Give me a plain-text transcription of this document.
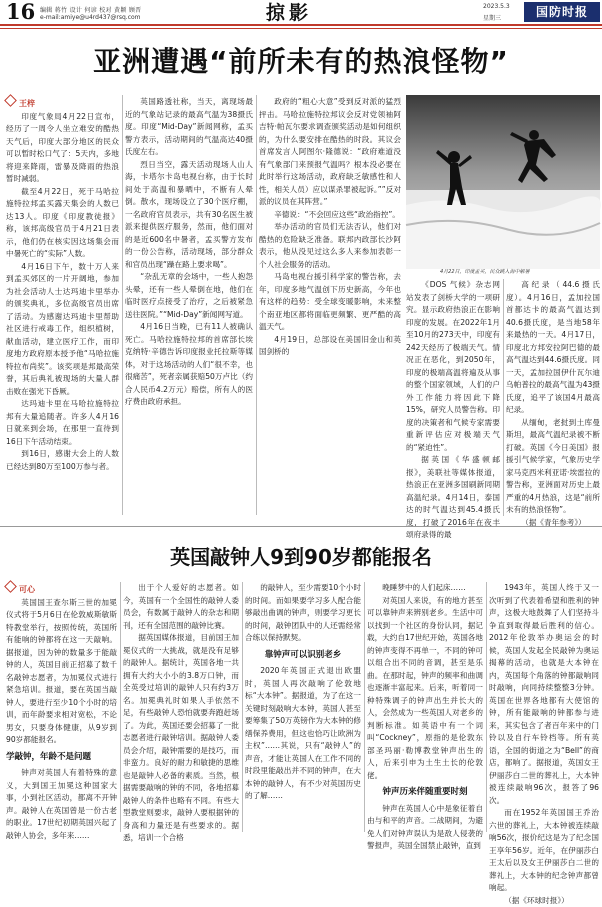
16 编辑 蒋竹 设计 何谚 校对 黄颖 顾晋
e-mail:amiye@u4rd437@rsq.com	掠影	2023.5.3
星期三	国防时报
亚洲遭遇“前所未有的热浪怪物”
王梓

印度气象局4月22日宣布，经历了一周令人坐立难安的酷热天气后，印度大部分地区的民众可以暂时松口气了：5天内，多地将迎来降雨，雷暴及降雨的热浪暂时减弱。

截至4月22日，死于马哈拉施特拉邦孟买露天集会的人数已达13人。印度《印度教徒报》称，该邦高级官员于4月21日表示，他们仍在核实因这场集会而中暑死亡的“实际”人数。

4月16日下午，数十万人来到孟买郊区的一片开阔地，参加为社会活动人士达玛迪卡里举办的颁奖典礼，多位高级官员出席了活动。为感谢达玛迪卡里帮助社区进行戒毒工作，组织植树，献血活动，建立医疗工作，而印度地方政府原本授予他“马哈拉施特拉布尚奖”。该奖项是邦最高荣誉，其后典礼被现场的大量人群击败在强光下昏厥。

达玛迪卡里在马哈拉施特拉邦有大量追随者。许多人4月16日就来到会场，在那里一直待到16日下午活动结束。

到16日，感谢大会上的人数已经达到80万至100万参与者。

英国路透社称，当天，离现场最近的气象站记录的最高气温为38摄氏度。印度“Mid-Day”新闻网称，孟买警方表示，活动期间的气温高达40摄氏度左右。

烈日当空，露天活动现场人山人海，卡塔尔卡岛电视台称，由于长时间处于高温和暴晒中，不断有人晕倒。散水，现场设立了30个医疗棚，一名政府官员表示，共有30名医生被派来提供医疗服务，然而，他们面对的是近600名中暑者，孟买警方发布的一份公告称，活动现场，部分群众和官员出现“躁在路上要求喝”。

“杂乱无章的会场中，一些人抱怨头晕，还有一些人晕倒在地，他们在临时医疗点接受了治疗，之后被紧急送往医院。”“Mid-Day”新闻网写道。

4月16日当晚，已有11人被确认死亡。马哈拉施特拉邦的首席部长埃克纳特·辛德告诉印度报业托拉斯等媒体，对于这场活动的人们“很不幸，也很痛苦”，死者亲属获赔50万卢比（约合人民币4.2万元）赔偿，所有人的医疗费由政府承担。

政府的“粗心大意”受到反对派的猛烈抨击。马哈拉施特拉邦议会反对党领袖阿吉特·帕瓦尔要求调查颁奖活动是如何组织的，为什么要安排在酷热的时段。其议会首席发言人阿图尔·隆德说：“政府难道没有气象部门来预报气温吗？根本没必要在此时举行这场活动，政府缺乏敏感性和人性，相关人员）应以谋杀罪被起诉。””反对派的议员在其阵营。”

辛德说：“不会回应这些“政治指控”。

举办活动的官员们无法否认，他们对酷热的危险缺乏准备。联邦内政部长沙阿表示，他从没见过这么多人来参加表彰一个人社会服务的活动。

马岛电视台援引科学家的警告称，去年，印度多地气温创下历史新高，今年也有这样的趋势：受全球变暖影响，未来整个南亚地区都将面临更频繁、更严酷的高温天气。

4月19日，总部设在美国旧金山和英国剑桥的

4月22日，印度孟买，民众跳入海中解暑

《DOS 气候》杂志网站发表了剑桥大学的一项研究。显示政府热浪正在影响印度的发展。在2022年1月至10月的273天中，印度有242天经历了极端天气。情况正在恶化，到2050年，印度的极端高温将遍及从事的整个国家领域，人们的户外工作能力将因此下降15%，研究人员警告称。印度的决策者和气候专家需要重新评估应对极端天气的“紧迫性”。

据英国《华盛顿邮报》，美联社等媒体报道，热浪正在亚洲多国刷新同期高温纪录。4月14日，泰国达的时气温达到45.4摄氏度，打破了2016年在夜丰颂府录得的最

高纪录（44.6摄氏度）。4月16日，孟加拉国首都达卡的最高气温达到40.6摄氏度，是当地58年来最热的一天。4月17日，印度北方邦安拉阿巴德的最高气温达到44.6摄氏度。同一天，孟加拉国伊什瓦尔迪乌帕普拉的最高气温为43摄氏度，追平了该国4月最高纪录。

从缅甸，老挝到土库曼斯坦，最高气温纪录被不断打破。英国《今日美国》报援引气候学家，气象历史学家马克西米利亚诺·埃雷拉的警告称，亚洲面对历史上最严重的4月热浪，这是“前所未有的热浪怪物”。

（据《青年参考》）

英国敲钟人9到90岁都能报名
可心

英国国王查尔斯三世的加冕仪式将于5月6日在伦敦威斯敏斯特教堂举行，按照传统，英国所有能响的钟都将在这一天敲响。据报道，因为钟的数量多于能敲钟的人，英国目前正招募了数千名敲钟志愿者，为加冕仪式进行紧急培训。报道，要在英国当敲钟人，要进行至少10个小时的培训，而年龄要求相对宽松，不论男女，只要身体健康，从9岁到90岁都能报名。

学敲钟，年龄不是问题

钟声对英国人有着特殊的意义，大到国王加冕这种国家大事，小到社区活动，都离不开钟声。敲钟人在英国曾是一份古老的职业。17世纪初期英国兴起了敲钟人协会，多年来……

出于个人爱好的志愿者。如今，英国有一个全国性的敲钟人委员会，有数属于敲钟人的杂志和期刊，还有全国范围的敲钟比赛。

据英国媒体报道，目前国王加冕仪式的一大挑战，就是没有足够的敲钟人。据统计，英国各地一共拥有大约大小小的3.8万口钟，而全英受过培训的敲钟人只有约3万名。加冕典礼时如果人手依然不足，有些敲钟人恐怕就要奔跑赶场了。为此，英国还要会招募了一批志愿者进行敲钟培训。据敲钟人委员会介绍，敲钟需要的是技巧，而非蛮力。良好的耐力和敏捷的思维也是敲钟人必备的素质。当然，根据需要敲响的钟的不同，各地招募敲钟人的条件也略有不同。有些大型教堂则要求，敲钟人要根据钟的身高和力量还是有些要求的。据悉，培训一个合格

的敲钟人，至少需要10个小时的时间。而如果要学习多人配合能够敲出曲调的钟声，则要学习更长的时间，敲钟团队中的人还需经常合练以保持默契。

靠钟声可以识别老乡

2020年英国正式退出欧盟时，英国人再次敲响了伦敦地标“大本钟”。据报道，为了在这一关键时刻敲响大本钟，英国人甚至要筹集了50万英镑作为大本钟的修缮保养费用，但这也恰巧让欧洲为主权”……其说，只有“敲钟人”的声音，才能让英国人在工作不同的时段里能敲出并不同的钟声，在大本钟的敲钟人，有不少对英国历史的了解……

晚睡梦中的人们起床……

对英国人来说，有的地方甚至可以靠钟声来辨别老乡。生活中可以找到一个社区的身份认同，据记载，大约自17世纪开始，英国各地的钟声变得不再单一，不同的钟可以组合出不同的音调，甚至是乐曲。在那时起，钟声的频率和曲调也逐渐丰富起来。后来，听着同一种特殊调子的钟声出生并长大的人，会然成为一些英国人对老乡的判断标准。如英语中有一个词叫“Cockney”，原指的是伦敦东部圣玛丽·勒博教堂钟声出生的人，后来引申为土生土长的伦敦佬。

钟声历来伴随重要时刻

钟声在英国人心中是象征着自由与和平的声音。二战期间，为避免人们对钟声误认为是敌人侵袭的警报声，英国全国禁止敲钟，直到

1943年，英国人终于又一次听到了代表着希望和胜利的钟声，这极大地鼓舞了人们坚持斗争直到取得最后胜利的信心。2012年伦敦举办奥运会的时候，英国人发起全民敲钟为奥运揭幕的活动，也就是大本钟在内，英国每个角落的钟都敲响同时敲响，向同持续整整3分钟。英国在世界各地都有大使馆的钟，所有能敲响的钟都参与进来，其实包含了者百年来中的门铃以及自行车铃档等。所有英语，全国的街道之为“Bell”的商店，都响了。据报道，英国女王伊丽莎白二世的葬礼上，大本钟被连续敲响96次，报答了96次。

而在1952年英国国王乔治六世的葬礼上，大本钟被连续敲响56次，报价纪这是为了纪念国王享年56岁。近年，在伊丽莎白王太后以及女王伊丽莎白二世的葬礼上，大本钟的纪念钟声都曾响起。

（据《环球时报》）
